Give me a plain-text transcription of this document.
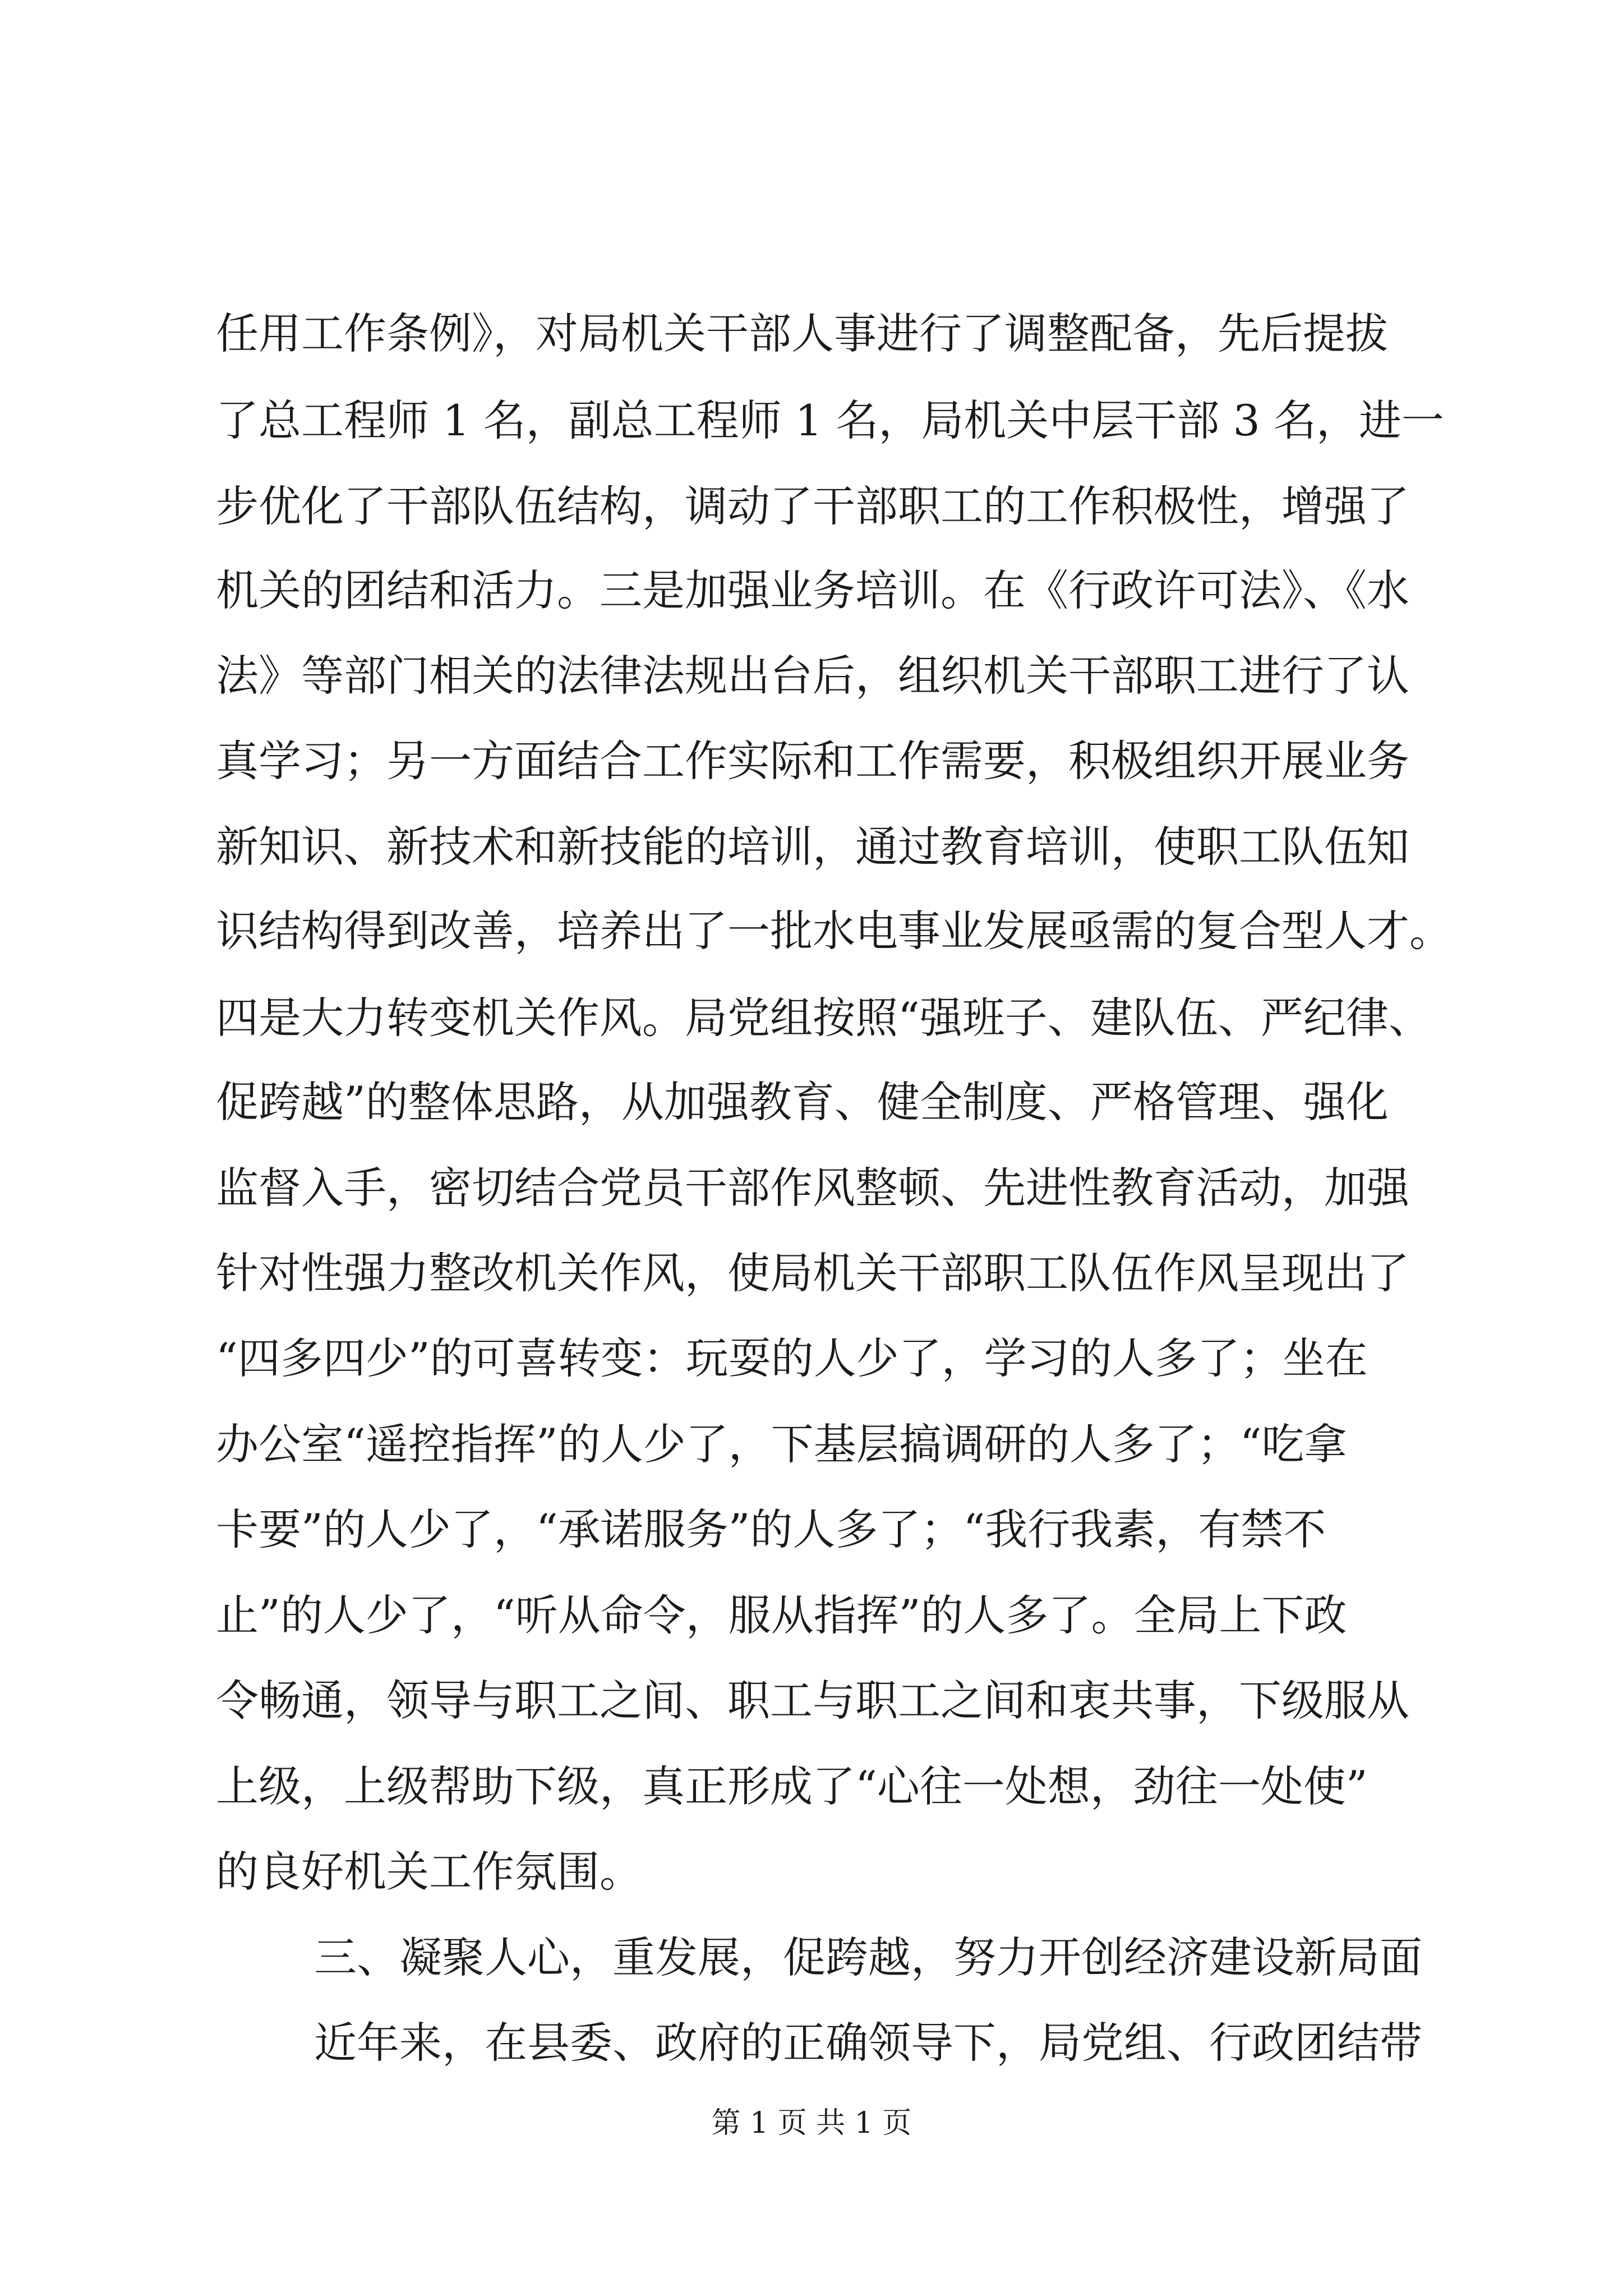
任用工作条例》，对局机关干部人事进行了调整配备，先后提拔
了总工程师 1 名，副总工程师 1 名，局机关中层干部 3 名，进一
步优化了干部队伍结构，调动了干部职工的工作积极性，增强了
机关的团结和活力。三是加强业务培训。在《行政许可法》、《水
法》等部门相关的法律法规出台后，组织机关干部职工进行了认
真学习；另一方面结合工作实际和工作需要，积极组织开展业务
新知识、新技术和新技能的培训，通过教育培训，使职工队伍知
识结构得到改善，培养出了一批水电事业发展亟需的复合型人才。
四是大力转变机关作风。局党组按照“强班子、建队伍、严纪律、
促跨越”的整体思路，从加强教育、健全制度、严格管理、强化
监督入手，密切结合党员干部作风整顿、先进性教育活动，加强
针对性强力整改机关作风，使局机关干部职工队伍作风呈现出了
“四多四少”的可喜转变：玩耍的人少了，学习的人多了；坐在
办公室“遥控指挥”的人少了，下基层搞调研的人多了；“吃拿
卡要”的人少了，“承诺服务”的人多了；“我行我素，有禁不
止”的人少了，“听从命令，服从指挥”的人多了。全局上下政
令畅通，领导与职工之间、职工与职工之间和衷共事，下级服从
上级，上级帮助下级，真正形成了“心往一处想，劲往一处使”
的良好机关工作氛围。
三、凝聚人心，重发展，促跨越，努力开创经济建设新局面
近年来，在县委、政府的正确领导下，局党组、行政团结带
第 1 页 共 1 页
